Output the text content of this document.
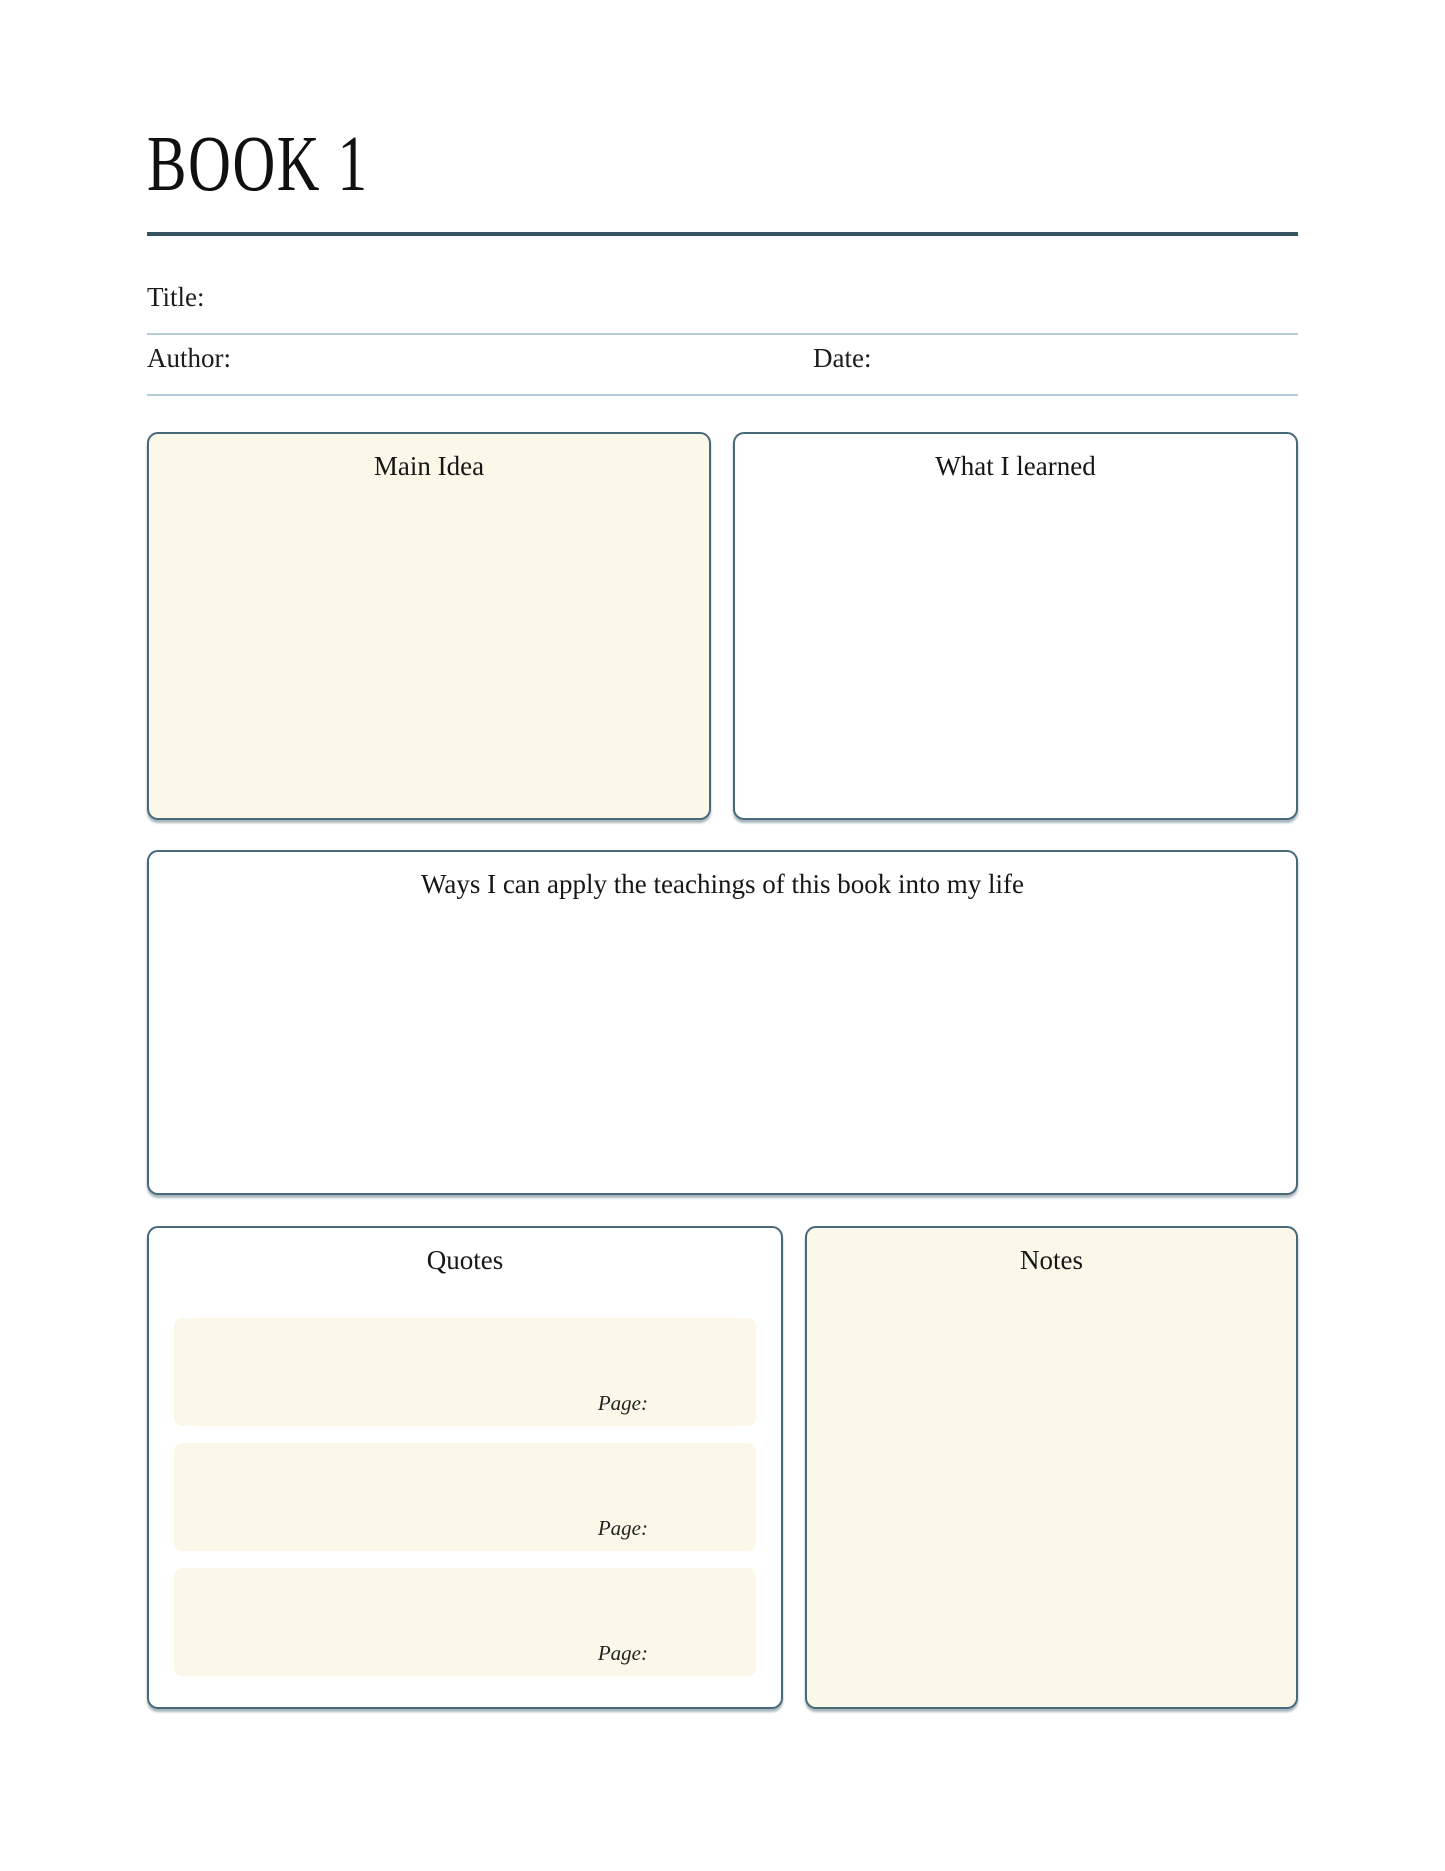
BOOK 1
Title:
Author:	Date:
Main Idea	What I learned
Ways I can apply the teachings of this book into my life
Quotes
Page:
Page:
Page:
Notes
